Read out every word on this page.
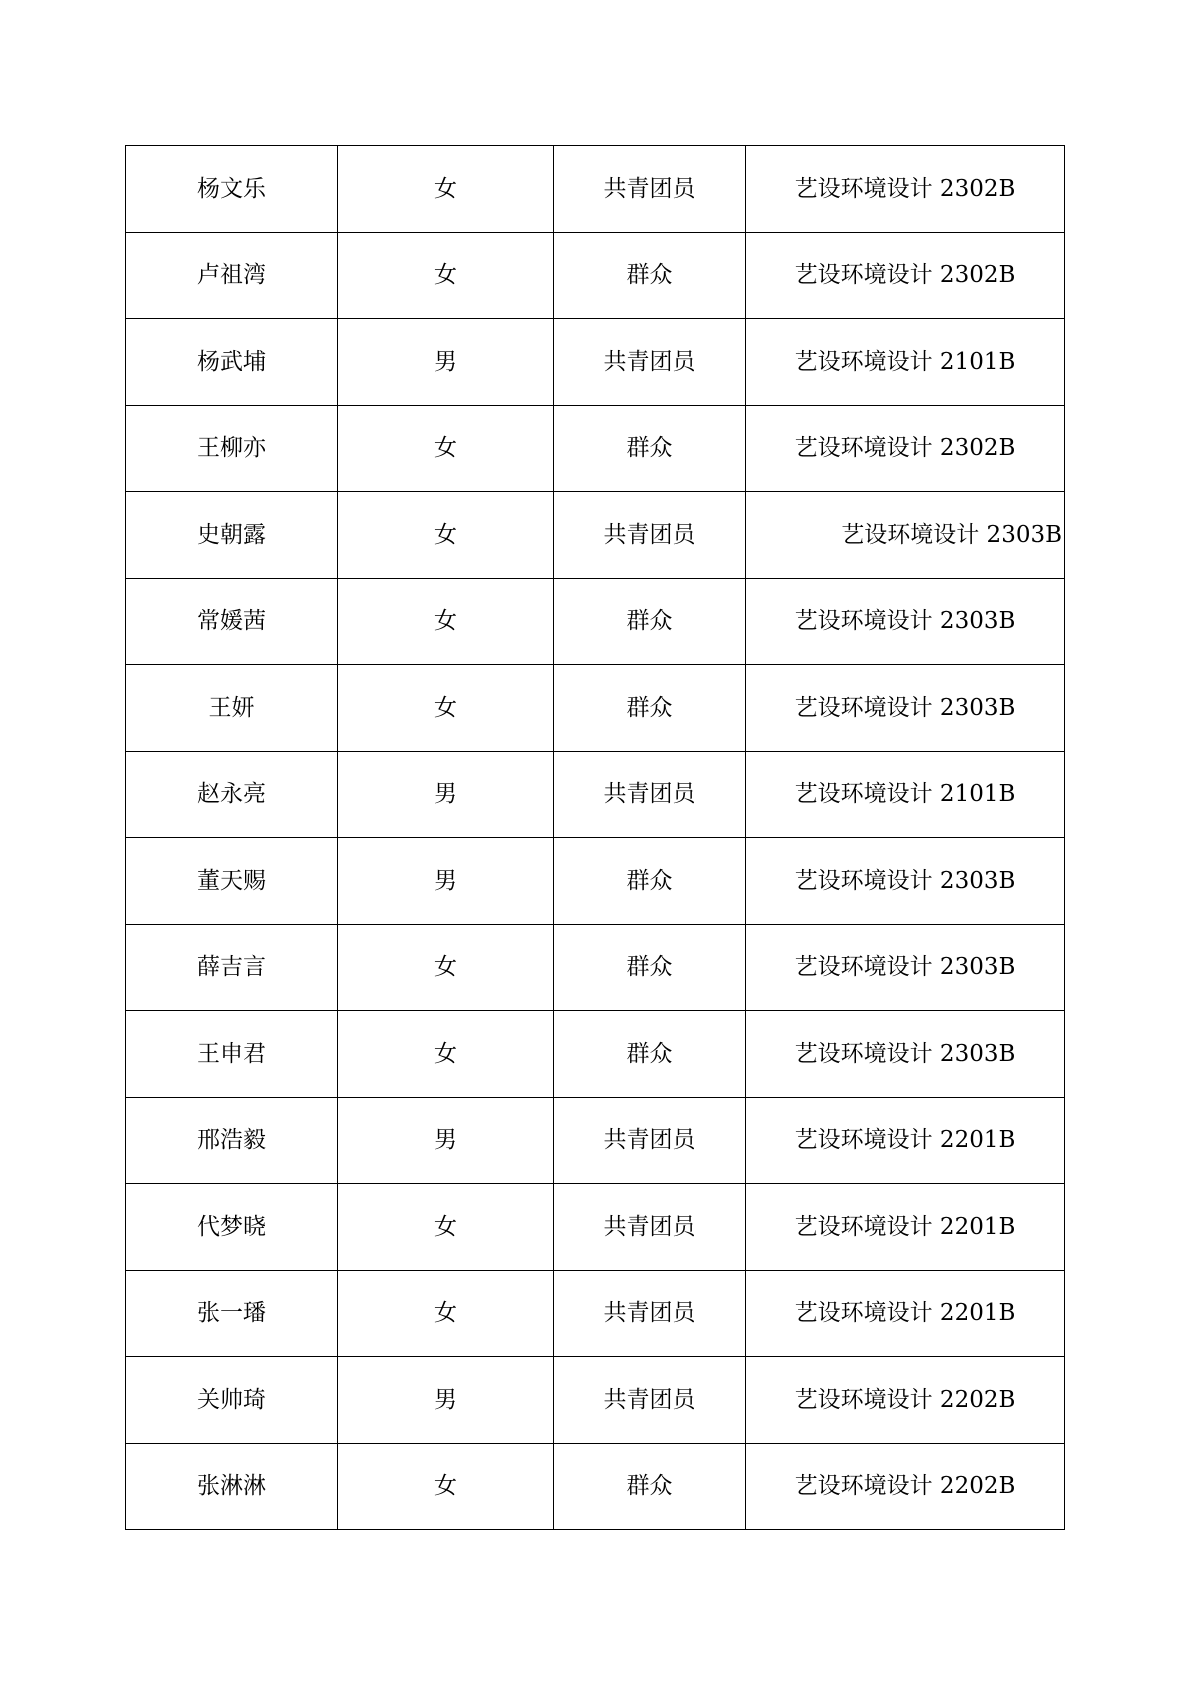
杨文乐	女	共青团员	艺设环境设计 2302B
卢祖湾	女	群众	艺设环境设计 2302B
杨武埔	男	共青团员	艺设环境设计 2101B
王柳亦	女	群众	艺设环境设计 2302B
史朝露	女	共青团员	艺设环境设计 2303B
常媛茜	女	群众	艺设环境设计 2303B
王妍	女	群众	艺设环境设计 2303B
赵永亮	男	共青团员	艺设环境设计 2101B
董天赐	男	群众	艺设环境设计 2303B
薛吉言	女	群众	艺设环境设计 2303B
王申君	女	群众	艺设环境设计 2303B
邢浩毅	男	共青团员	艺设环境设计 2201B
代梦晓	女	共青团员	艺设环境设计 2201B
张一璠	女	共青团员	艺设环境设计 2201B
关帅琦	男	共青团员	艺设环境设计 2202B
张淋淋	女	群众	艺设环境设计 2202B
